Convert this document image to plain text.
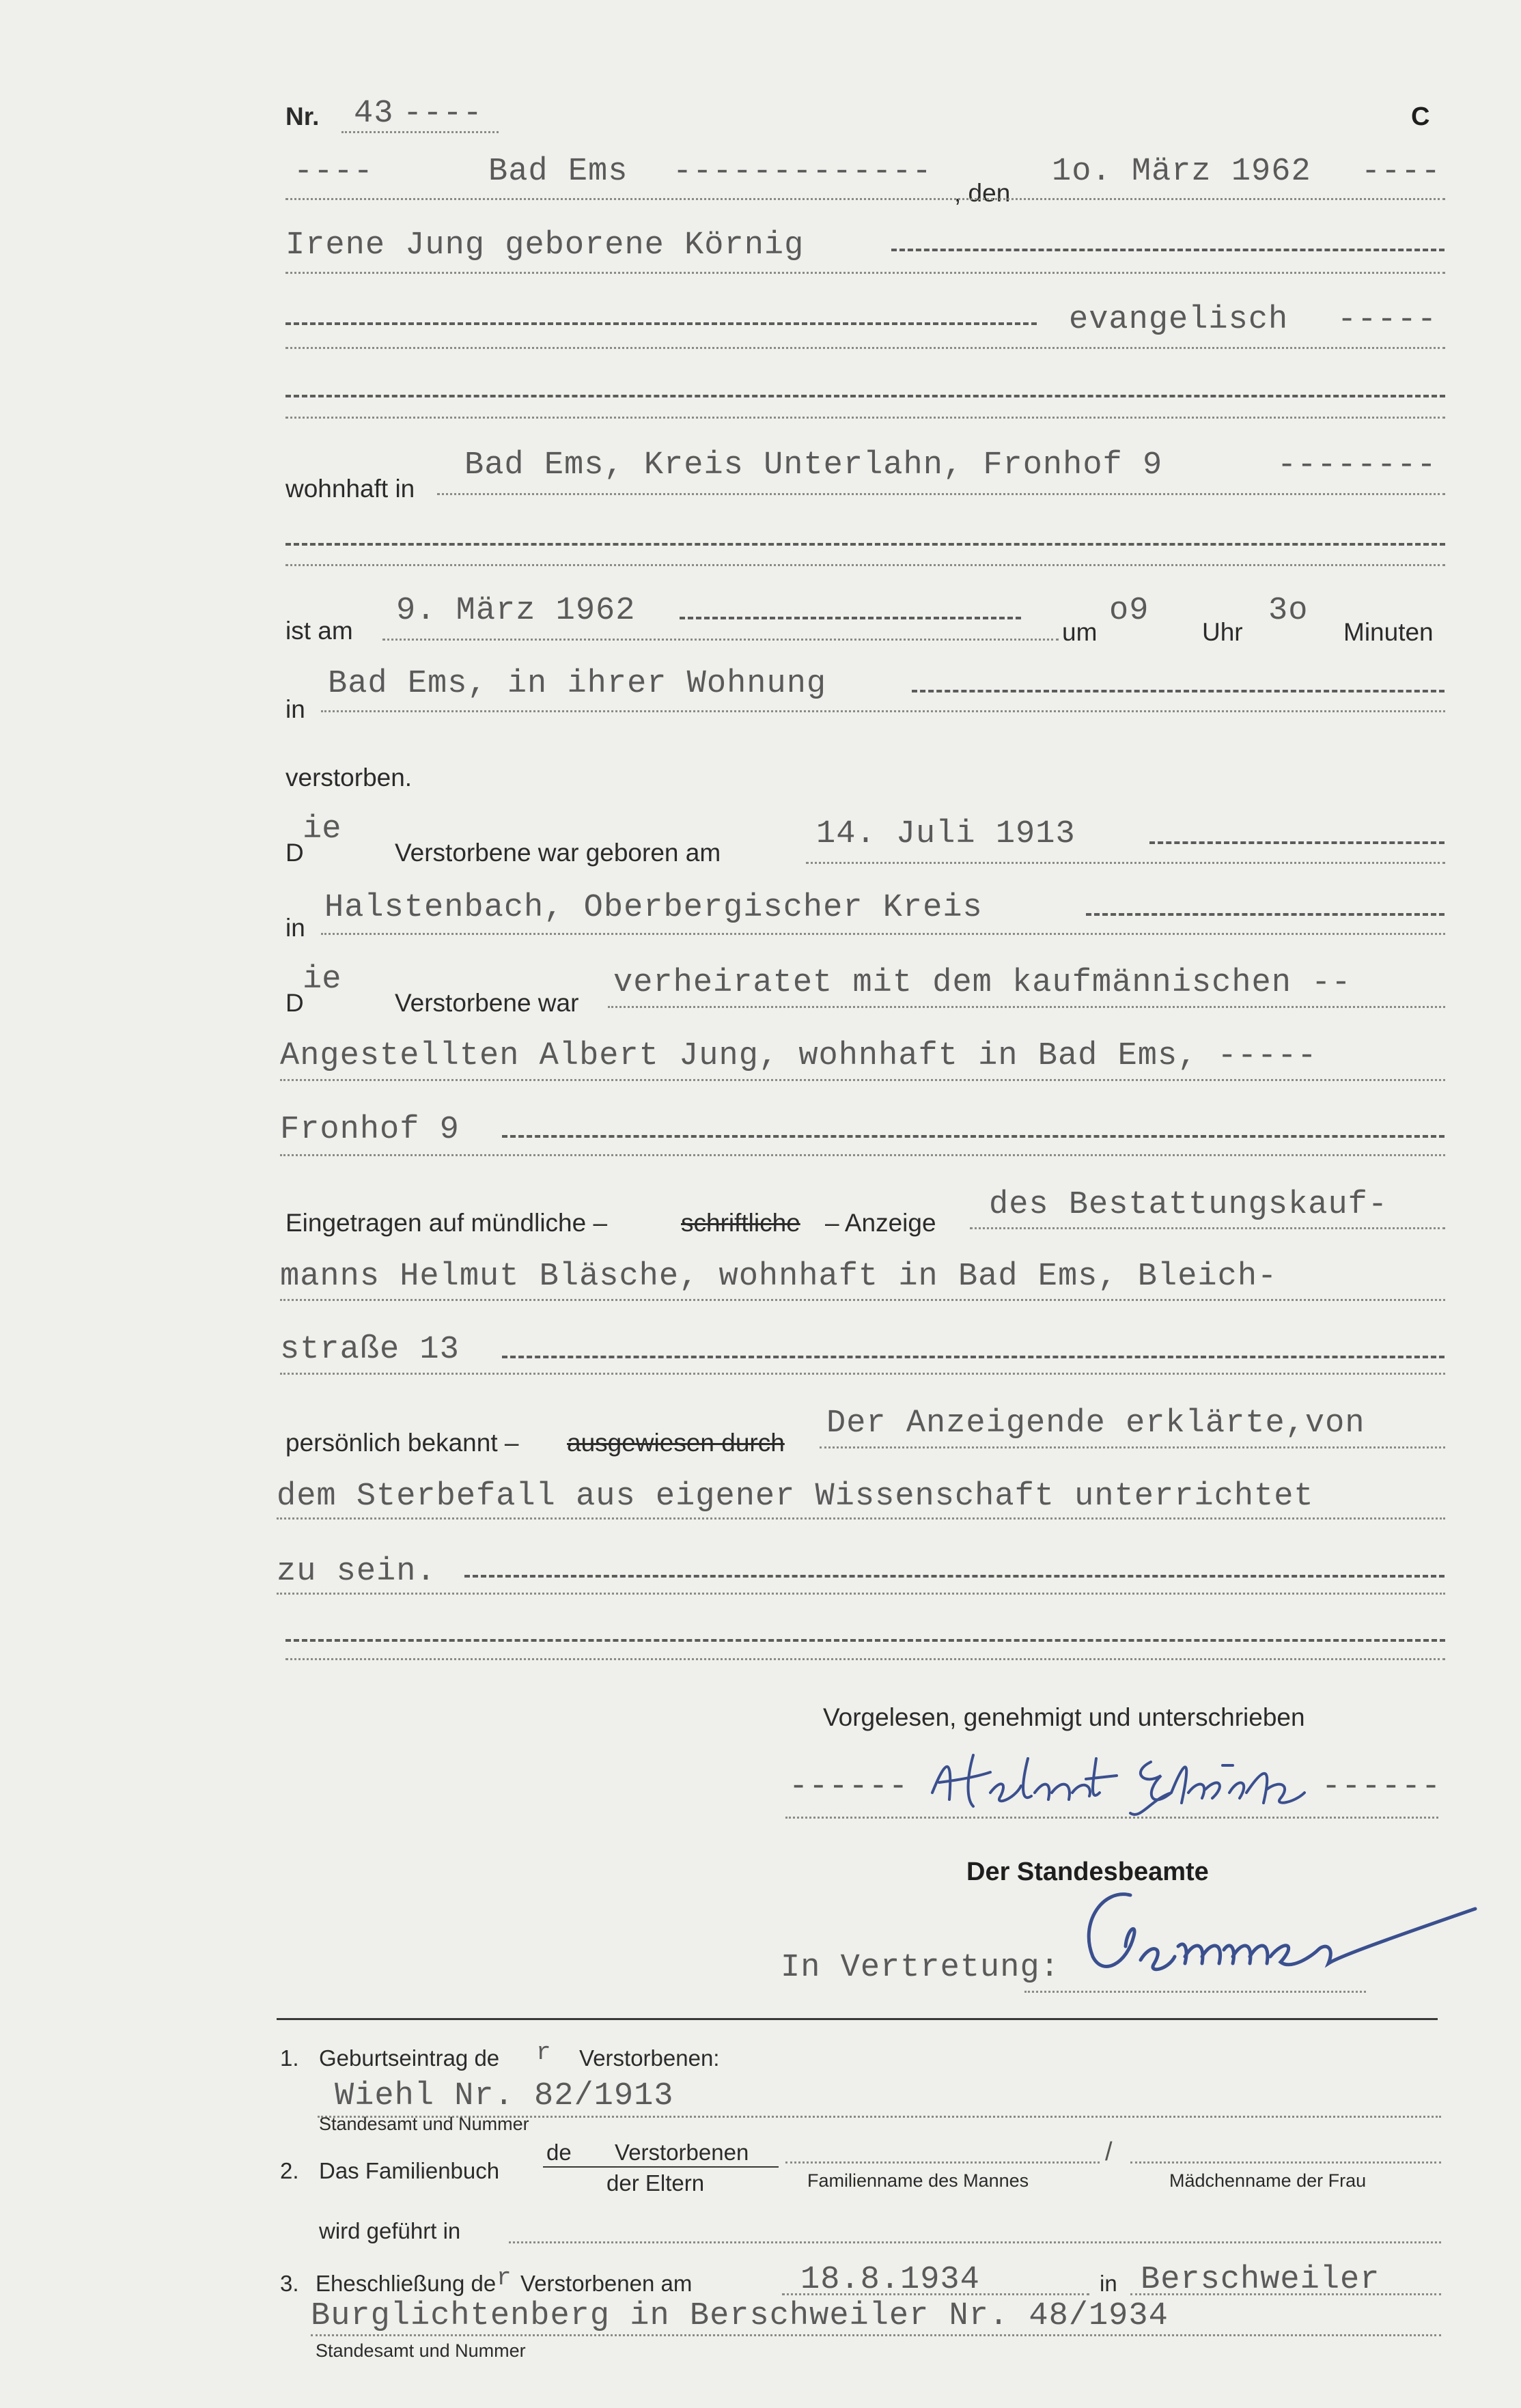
Nr. 43 ----	C
----	Bad Ems -------------
, den
1o. März 1962 ----
Irene Jung geborene Körnig
evangelisch -----
wohnhaft in
Bad Ems, Kreis Unterlahn, Fronhof 9	--------
ist am
9. März 1962
um
o9
Uhr
3o
Minuten
in
Bad Ems, in ihrer Wohnung
verstorben.
D
ie
Verstorbene war geboren am
14. Juli 1913
in
Halstenbach, Oberbergischer Kreis
D
ie
Verstorbene war
verheiratet mit dem kaufmännischen --
Angestellten Albert Jung, wohnhaft in Bad Ems, -----
Fronhof 9
Eingetragen auf mündliche –	schriftliche – Anzeige des Bestattungskauf-
manns Helmut Bläsche, wohnhaft in Bad Ems, Bleich-
straße 13
persönlich bekannt – ausgewiesen durch
Der Anzeigende erklärte,von
dem Sterbefall aus eigener Wissenschaft unterrichtet
zu sein.
Vorgelesen, genehmigt und unterschrieben
------	------
Der Standesbeamte
In Vertretung:
1. Geburtseintrag de r Verstorbenen:
Wiehl Nr. 82/1913
Standesamt und Nummer
2. Das Familienbuch
de Verstorbenen
der Eltern
/
Familienname des Mannes	Mädchenname der Frau
wird geführt in
3. Eheschließung de r Verstorbenen am	18.8.1934	in Berschweiler
Burglichtenberg in Berschweiler Nr. 48/1934
Standesamt und Nummer
